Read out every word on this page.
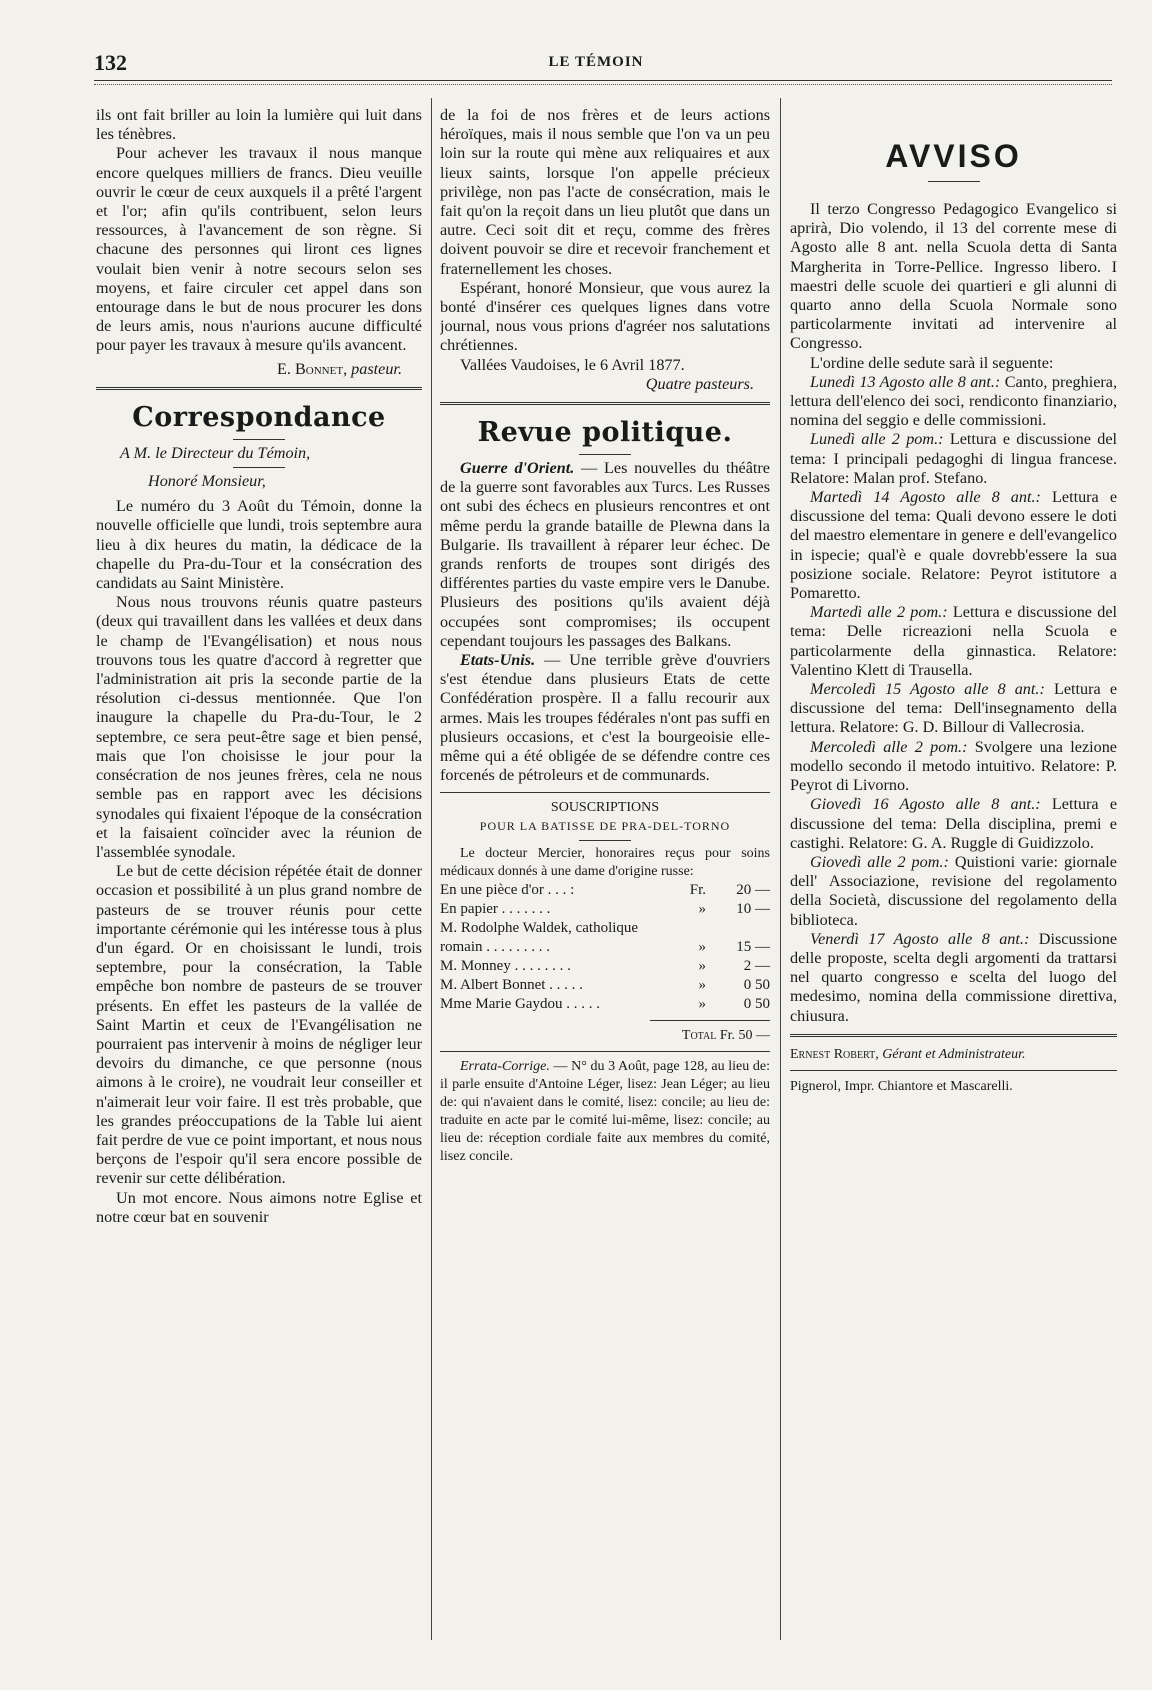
132	LE TÉMOIN

ils ont fait briller au loin la lumière qui luit dans les ténèbres.

Pour achever les travaux il nous manque encore quelques milliers de francs. Dieu veuille ouvrir le cœur de ceux auxquels il a prêté l'argent et l'or; afin qu'ils contribuent, selon leurs ressources, à l'avancement de son règne. Si chacune des personnes qui liront ces lignes voulait bien venir à notre secours selon ses moyens, et faire circuler cet appel dans son entourage dans le but de nous procurer les dons de leurs amis, nous n'aurions aucune difficulté pour payer les travaux à mesure qu'ils avancent.

E. Bonnet, pasteur.

Correspondance

A M. le Directeur du Témoin,

Honoré Monsieur,

Le numéro du 3 Août du Témoin, donne la nouvelle officielle que lundi, trois septembre aura lieu à dix heures du matin, la dédicace de la chapelle du Pra-du-Tour et la consécration des candidats au Saint Ministère.

Nous nous trouvons réunis quatre pasteurs (deux qui travaillent dans les vallées et deux dans le champ de l'Evangélisation) et nous nous trouvons tous les quatre d'accord à regretter que l'administration ait pris la seconde partie de la résolution ci-dessus mentionnée. Que l'on inaugure la chapelle du Pra-du-Tour, le 2 septembre, ce sera peut-être sage et bien pensé, mais que l'on choisisse le jour pour la consécration de nos jeunes frères, cela ne nous semble pas en rapport avec les décisions synodales qui fixaient l'époque de la consécration et la faisaient coïncider avec la réunion de l'assemblée synodale.

Le but de cette décision répétée était de donner occasion et possibilité à un plus grand nombre de pasteurs de se trouver réunis pour cette importante cérémonie qui les intéresse tous à plus d'un égard. Or en choisissant le lundi, trois septembre, pour la consécration, la Table empêche bon nombre de pasteurs de se trouver présents. En effet les pasteurs de la vallée de Saint Martin et ceux de l'Evangélisation ne pourraient pas intervenir à moins de négliger leur devoirs du dimanche, ce que personne (nous aimons à le croire), ne voudrait leur conseiller et n'aimerait leur voir faire. Il est très probable, que les grandes préoccupations de la Table lui aient fait perdre de vue ce point important, et nous nous berçons de l'espoir qu'il sera encore possible de revenir sur cette délibération.

Un mot encore. Nous aimons notre Eglise et notre cœur bat en souvenir

de la foi de nos frères et de leurs actions héroïques, mais il nous semble que l'on va un peu loin sur la route qui mène aux reliquaires et aux lieux saints, lorsque l'on appelle précieux privilège, non pas l'acte de consécration, mais le fait qu'on la reçoit dans un lieu plutôt que dans un autre. Ceci soit dit et reçu, comme des frères doivent pouvoir se dire et recevoir franchement et fraternellement les choses.

Espérant, honoré Monsieur, que vous aurez la bonté d'insérer ces quelques lignes dans votre journal, nous vous prions d'agréer nos salutations chrétiennes.

Vallées Vaudoises, le 6 Avril 1877.

Quatre pasteurs.

Revue politique.

Guerre d'Orient. — Les nouvelles du théâtre de la guerre sont favorables aux Turcs. Les Russes ont subi des échecs en plusieurs rencontres et ont même perdu la grande bataille de Plewna dans la Bulgarie. Ils travaillent à réparer leur échec. De grands renforts de troupes sont dirigés des différentes parties du vaste empire vers le Danube. Plusieurs des positions qu'ils avaient déjà occupées sont compromises; ils occupent cependant toujours les passages des Balkans.

Etats-Unis. — Une terrible grève d'ouvriers s'est étendue dans plusieurs Etats de cette Confédération prospère. Il a fallu recourir aux armes. Mais les troupes fédérales n'ont pas suffi en plusieurs occasions, et c'est la bourgeoisie elle-même qui a été obligée de se défendre contre ces forcenés de pétroleurs et de communards.

SOUSCRIPTIONS

POUR LA BATISSE DE PRA-DEL-TORNO

Le docteur Mercier, honoraires reçus pour soins médicaux donnés à une dame d'origine russe:

En une pièce d'or . . . :	Fr.	20 —
En papier . . . . . . .	»	10 —
M. Rodolphe Waldek, catholique		
romain . . . . . . . . .	»	15 —
M. Monney . . . . . . . .	»	2 —
M. Albert Bonnet . . . . .	»	0 50
Mme Marie Gaydou . . . . .	»	0 50

Total Fr. 50 —

Errata-Corrige. — N° du 3 Août, page 128, au lieu de: il parle ensuite d'Antoine Léger, lisez: Jean Léger; au lieu de: qui n'avaient dans le comité, lisez: concile; au lieu de: traduite en acte par le comité lui-même, lisez: concile; au lieu de: réception cordiale faite aux membres du comité, lisez concile.

AVVISO

Il terzo Congresso Pedagogico Evangelico si aprirà, Dio volendo, il 13 del corrente mese di Agosto alle 8 ant. nella Scuola detta di Santa Margherita in Torre-Pellice. Ingresso libero. I maestri delle scuole dei quartieri e gli alunni di quarto anno della Scuola Normale sono particolarmente invitati ad intervenire al Congresso.

L'ordine delle sedute sarà il seguente:

Lunedì 13 Agosto alle 8 ant.: Canto, preghiera, lettura dell'elenco dei soci, rendiconto finanziario, nomina del seggio e delle commissioni.

Lunedì alle 2 pom.: Lettura e discussione del tema: I principali pedagoghi di lingua francese. Relatore: Malan prof. Stefano.

Martedì 14 Agosto alle 8 ant.: Lettura e discussione del tema: Quali devono essere le doti del maestro elementare in genere e dell'evangelico in ispecie; qual'è e quale dovrebb'essere la sua posizione sociale. Relatore: Peyrot istitutore a Pomaretto.

Martedì alle 2 pom.: Lettura e discussione del tema: Delle ricreazioni nella Scuola e particolarmente della ginnastica. Relatore: Valentino Klett di Trausella.

Mercoledì 15 Agosto alle 8 ant.: Lettura e discussione del tema: Dell'insegnamento della lettura. Relatore: G. D. Billour di Vallecrosia.

Mercoledì alle 2 pom.: Svolgere una lezione modello secondo il metodo intuitivo. Relatore: P. Peyrot di Livorno.

Giovedì 16 Agosto alle 8 ant.: Lettura e discussione del tema: Della disciplina, premi e castighi. Relatore: G. A. Ruggle di Guidizzolo.

Giovedì alle 2 pom.: Quistioni varie: giornale dell' Associazione, revisione del regolamento della Società, discussione del regolamento della biblioteca.

Venerdì 17 Agosto alle 8 ant.: Discussione delle proposte, scelta degli argomenti da trattarsi nel quarto congresso e scelta del luogo del medesimo, nomina della commissione direttiva, chiusura.

Ernest Robert, Gérant et Administrateur.

Pignerol, Impr. Chiantore et Mascarelli.
